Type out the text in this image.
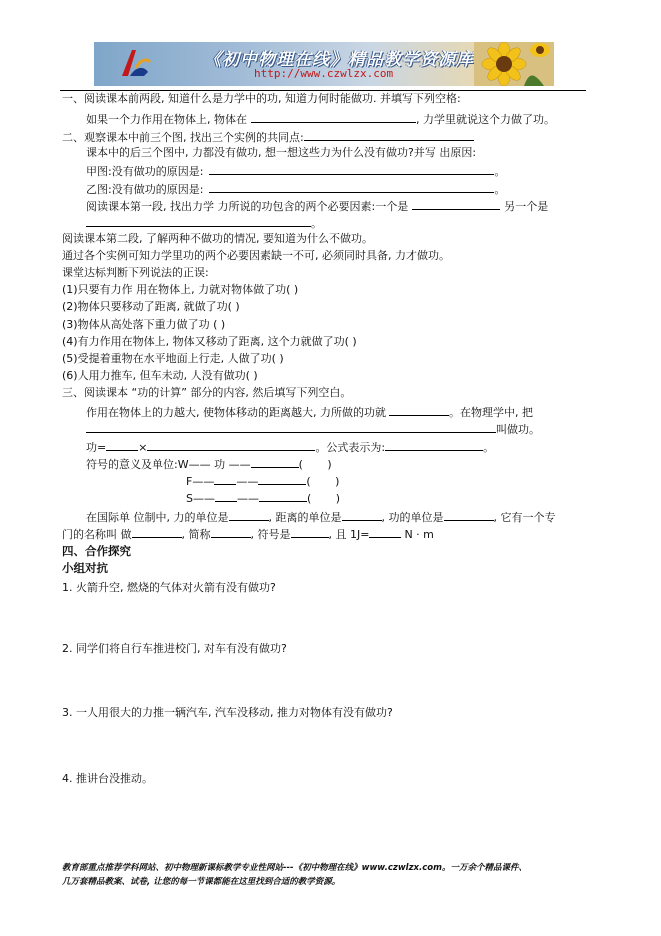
《初中物理在线》精品教学资源库
http://www.czwlzx.com
一、阅读课本前两段, 知道什么是力学中的功, 知道力何时能做功. 并填写下列空格:
如果一个力作用在物体上, 物体在	, 力学里就说这个力做了功。
二、观察课本中前三个图, 找出三个实例的共同点:
课本中的后三个图中, 力都没有做功, 想一想这些力为什么没有做功?并写 出原因:
甲图:没有做功的原因是:	。
乙图:没有做功的原因是:	。
阅读课本第一段, 找出力学 力所说的功包含的两个必要因素:一个是	另一个是
。
阅读课本第二段, 了解两种不做功的情况, 要知道为什么不做功。
通过各个实例可知力学里功的两个必要因素缺一不可, 必须同时具备, 力才做功。
课堂达标判断下列说法的正误:
(1)只要有力作 用在物体上, 力就对物体做了功( )
(2)物体只要移动了距离, 就做了功( )
(3)物体从高处落下重力做了功 ( )
(4)有力作用在物体上, 物体又移动了距离, 这个力就做了功( )
(5)受提着重物在水平地面上行走, 人做了功( )
(6)人用力推车, 但车未动, 人没有做功( )
三、阅读课本 “功的计算” 部分的内容, 然后填写下列空白。
作用在物体上的力越大, 使物体移动的距离越大, 力所做的功就	。在物理学中, 把
叫做功。
功=	×	。公式表示为:	。
符号的意义及单位:W—— 功 ——	(       )
F—— ——	(       )
S—— ——	(       )
在国际单 位制中, 力的单位是	, 距离的单位是	, 功的单位是	, 它有一个专
门的名称叫 做	, 简称	, 符号是	, 且 1J=	N · m
四、合作探究
小组对抗
1. 火箭升空, 燃烧的气体对火箭有没有做功?
2. 同学们将自行车推进校门, 对车有没有做功?
3. 一人用很大的力推一辆汽车, 汽车没移动, 推力对物体有没有做功?
4. 推讲台没推动。
教育部重点推荐学科网站、初中物理新课标教学专业性网站---《初中物理在线》www.czwlzx.com。一万余个精品课件、
几万套精品教案、试卷, 让您的每一节课都能在这里找到合适的教学资源。
